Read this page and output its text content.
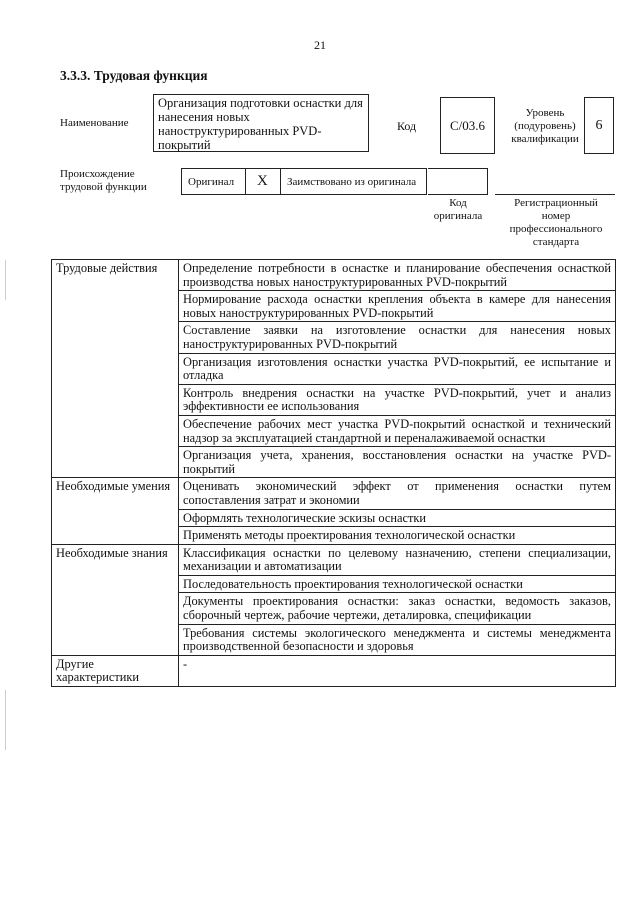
21
3.3.3. Трудовая функция
Наименование
Организация подготовки оснастки для нанесения новых наноструктурированных PVD-покрытий
Код	С/03.6
Уровень (подуровень) квалификации
6
Происхождение трудовой функции	Оригинал X Заимствовано из оригинала
Код оригинала
Регистрационный номер профессионального стандарта
Трудовые действия	Определение потребности в оснастке и планирование обеспечения оснасткой производства новых наноструктурированных PVD-покрытий
	Нормирование расхода оснастки крепления объекта в камере для нанесения новых наноструктурированных PVD-покрытий
	Составление заявки на изготовление оснастки для нанесения новых наноструктурированных PVD-покрытий
	Организация изготовления оснастки участка PVD-покрытий, ее испытание и отладка
	Контроль внедрения оснастки на участке PVD-покрытий, учет и анализ эффективности ее использования
	Обеспечение рабочих мест участка PVD-покрытий оснасткой и технический надзор за эксплуатацией стандартной и переналаживаемой оснастки
	Организация учета, хранения, восстановления оснастки на участке PVD-покрытий
Необходимые умения	Оценивать экономический эффект от применения оснастки путем сопоставления затрат и экономии
	Оформлять технологические эскизы оснастки
	Применять методы проектирования технологической оснастки
Необходимые знания	Классификация оснастки по целевому назначению, степени специализации, механизации и автоматизации
	Последовательность проектирования технологической оснастки
	Документы проектирования оснастки: заказ оснастки, ведомость заказов, сборочный чертеж, рабочие чертежи, деталировка, спецификации
	Требования системы экологического менеджмента и системы менеджмента производственной безопасности и здоровья
Другие характеристики	-
